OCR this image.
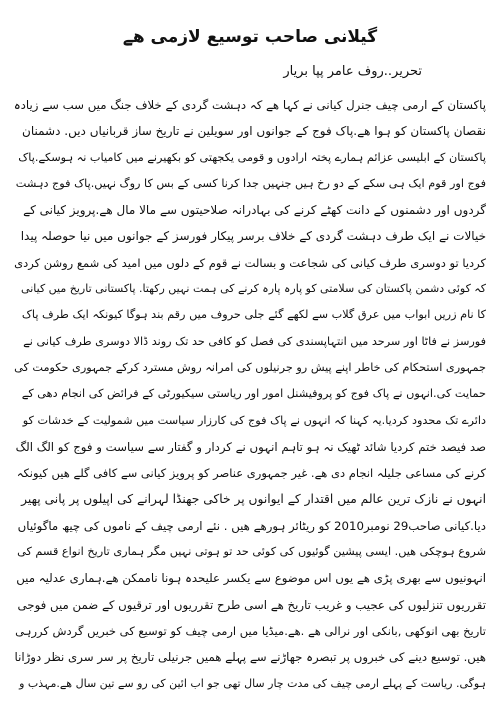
گیلانی صاحب توسیع لازمی ھے

تحریر..روف عامر پپا بریار

پاکستان کے ارمی چیف جنرل کیانی نے کہا ھے کہ دہشت گردی کے خلاف جنگ میں سب سے زیادہ
نقصان پاکستان کو ہوا ھے.پاک فوج کے جوانوں اور سویلین نے تاریخ ساز قربانیاں دیں. دشمنان
پاکستان کے ابلیسی عزائم ہمارے پختہ ارادوں و قومی یکجھتی کو بکھیرنے میں کامیاب نہ ہوسکے.پاک
فوج اور قوم ایک ہی سکے کے دو رخ ہیں جنہیں جدا کرنا کسی کے بس کا روگ نہیں.پاک فوج دہشت
گردوں اور دشمنوں کے دانت کھٹے کرنے کی بہادرانہ صلاحیتوں سے مالا مال ھے.پرویز کیانی کے
خیالات نے ایک طرف دہشت گردی کے خلاف برسر پیکار فورسز کے جوانوں میں نیا حوصلہ پیدا
کردیا تو دوسری طرف کیانی کی شجاعت و بسالت نے قوم کے دلوں میں امید کی شمع روشن کردی
کہ کوئی دشمن پاکستان کی سلامتی کو پارہ پارہ کرنے کی ہمت نہیں رکھتا. پاکستانی تاریخ میں کیانی
کا نام زریں ابواب میں عرق گلاب سے لکھے گئے جلی حروف میں رقم بند ہوگا کیونکہ ایک طرف پاک
فورسز نے فاٹا اور سرحد میں انتہاپسندی کی فصل کو کافی حد تک روند ڈالا دوسری طرف کیانی نے
جمہوری استحکام کی خاطر اپنے پیش رو جرنیلوں کی امرانہ روش مسترد کرکے جمہوری حکومت کی
حمایت کی.انہوں نے پاک فوج کو پروفیشنل امور اور ریاستی سیکیورٹی کے فرائض کی انجام دھی کے
دائرے تک محدود کردیا.یہ کہنا کہ انہوں نے پاک فوج کی کارزار سیاست میں شمولیت کے خدشات کو
صد فیصد ختم کردیا شائد ٹھیک نہ ہو تاہم انہوں نے کردار و گفتار سے سیاست و فوج کو الگ الگ
کرنے کی مساعی جلیلہ انجام دی ھے. غیر جمہوری عناصر کو پرویز کیانی سے کافی گلے ھیں کیونکہ
انہوں نے نازک ترین عالم میں اقتدار کے ایوانوں پر خاکی جھنڈا لہرانے کی اپیلوں پر پانی پھیر
دیا.کیانی صاحب29 نومبر2010 کو ریٹائر ہورھے ھیں . نئے ارمی چیف کے ناموں کی چیھ ماگوئیاں
شروع ہوچکی ھیں. ایسی پیشین گوئیوں کی کوئی حد تو ہوتی نہیں مگر ہماری تاریخ انواع قسم کی
انہونیوں سے بھری پڑی ھے یوں اس موضوع سے یکسر علیحدہ ہونا ناممکن ھے.ہماری عدلیہ میں
تقرریوں تنزلیوں کی عجیب و غریب تاریخ ھے اسی طرح تقرریوں اور ترقیوں کے ضمن میں فوجی
تاریخ بھی انوکھی ,بانکی اور نرالی ھے .ھے.میڈیا میں ارمی چیف کو توسیع کی خبریں گردش کررہی
ھیں. توسیع دینے کی خبروں پر تبصرہ جھاڑنے سے پہلے ھمیں جرنیلی تاریخ پر سر سری نظر دوڑانا
ہوگی. ریاست کے پہلے ارمی چیف کی مدت چار سال تھی جو اب ائین کی رو سے تین سال ھے.مہذب و
